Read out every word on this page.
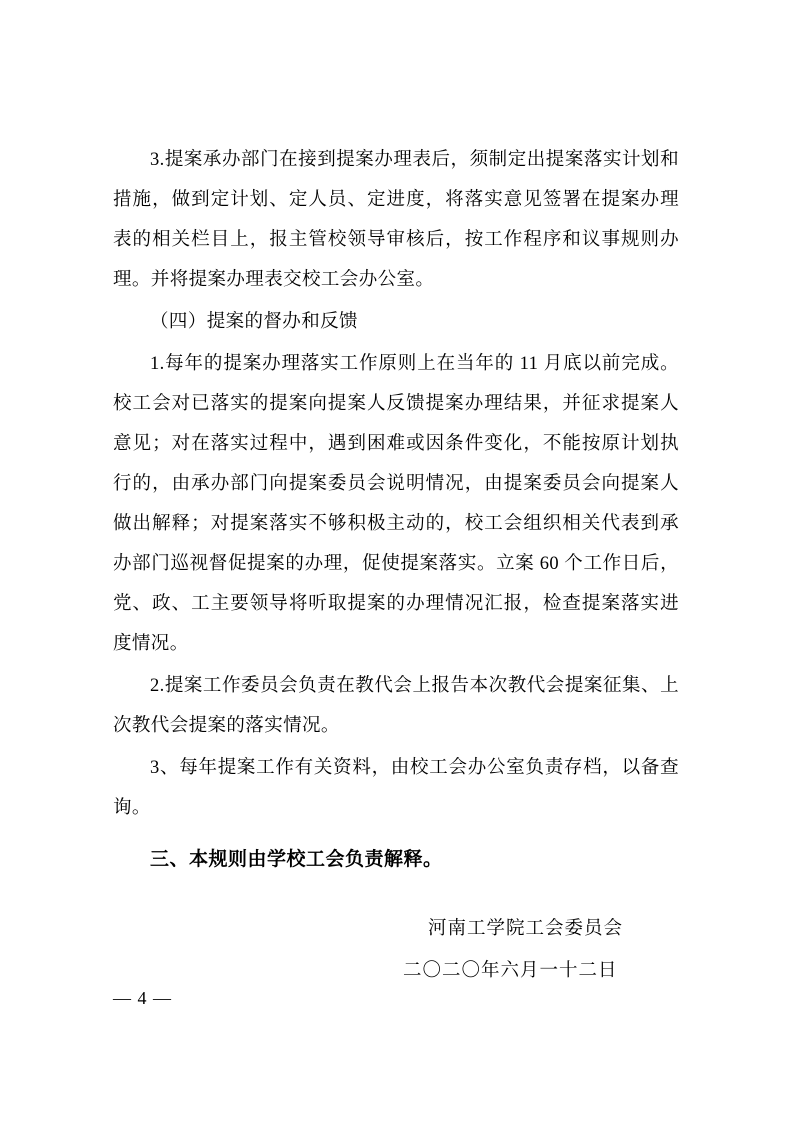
3.提案承办部门在接到提案办理表后，须制定出提案落实计划和措施，做到定计划、定人员、定进度，将落实意见签署在提案办理表的相关栏目上，报主管校领导审核后，按工作程序和议事规则办理。并将提案办理表交校工会办公室。

（四）提案的督办和反馈

1.每年的提案办理落实工作原则上在当年的 11 月底以前完成。校工会对已落实的提案向提案人反馈提案办理结果，并征求提案人意见；对在落实过程中，遇到困难或因条件变化，不能按原计划执行的，由承办部门向提案委员会说明情况，由提案委员会向提案人做出解释；对提案落实不够积极主动的，校工会组织相关代表到承办部门巡视督促提案的办理，促使提案落实。立案 60 个工作日后，党、政、工主要领导将听取提案的办理情况汇报，检查提案落实进度情况。

2.提案工作委员会负责在教代会上报告本次教代会提案征集、上次教代会提案的落实情况。

3、每年提案工作有关资料，由校工会办公室负责存档，以备查询。

三、本规则由学校工会负责解释。

河南工学院工会委员会

二〇二〇年六月一十二日

— 4 —
